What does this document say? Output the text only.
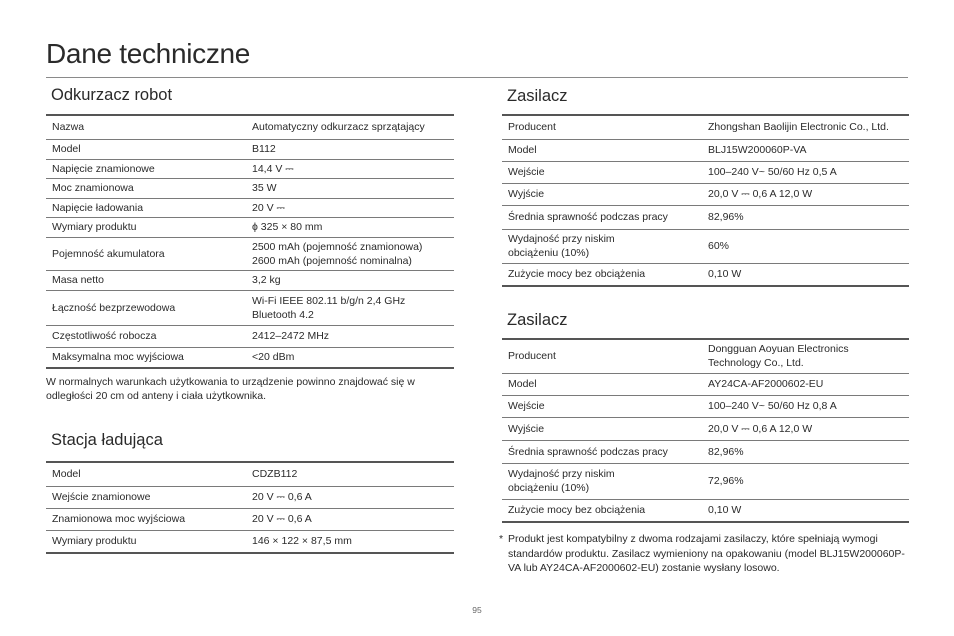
Dane techniczne
Odkurzacz robot
Nazwa	Automatyczny odkurzacz sprzątający
Model	B112
Napięcie znamionowe	14,4 V ⎓
Moc znamionowa	35 W
Napięcie ładowania	20 V ⎓
Wymiary produktu	ϕ 325 × 80 mm
Pojemność akumulatora	2500 mAh (pojemność znamionowa)
2600 mAh (pojemność nominalna)
Masa netto	3,2 kg
Łączność bezprzewodowa	Wi-Fi IEEE 802.11 b/g/n 2,4 GHz
Bluetooth 4.2
Częstotliwość robocza	2412–2472 MHz
Maksymalna moc wyjściowa	<20 dBm
W normalnych warunkach użytkowania to urządzenie powinno znajdować się w odległości 20 cm od anteny i ciała użytkownika.
Stacja ładująca
Model	CDZB112
Wejście znamionowe	20 V ⎓ 0,6 A
Znamionowa moc wyjściowa	20 V ⎓ 0,6 A
Wymiary produktu	146 × 122 × 87,5 mm
Zasilacz
Producent	Zhongshan Baolijin Electronic Co., Ltd.
Model	BLJ15W200060P-VA
Wejście	100–240 V~ 50/60 Hz 0,5 A
Wyjście	20,0 V ⎓ 0,6 A 12,0 W
Średnia sprawność podczas pracy	82,96%
Wydajność przy niskim
obciążeniu (10%)	60%
Zużycie mocy bez obciążenia	0,10 W
Zasilacz
Producent	Dongguan Aoyuan Electronics
Technology Co., Ltd.
Model	AY24CA-AF2000602-EU
Wejście	100–240 V~ 50/60 Hz 0,8 A
Wyjście	20,0 V ⎓ 0,6 A 12,0 W
Średnia sprawność podczas pracy	82,96%
Wydajność przy niskim
obciążeniu (10%)	72,96%
Zużycie mocy bez obciążenia	0,10 W
* Produkt jest kompatybilny z dwoma rodzajami zasilaczy, które spełniają wymogi standardów produktu. Zasilacz wymieniony na opakowaniu (model BLJ15W200060P-VA lub AY24CA-AF2000602-EU) zostanie wysłany losowo.
95
